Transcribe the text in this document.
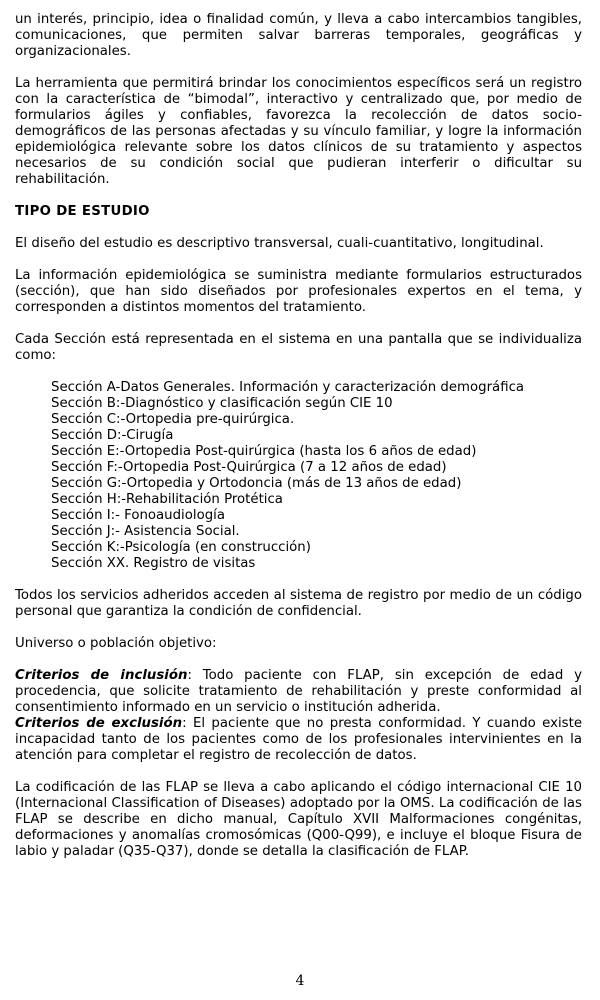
un interés, principio, idea o finalidad común, y lleva a cabo intercambios tangibles, comunicaciones, que permiten salvar barreras temporales, geográficas y organizacionales.

La herramienta que permitirá brindar los conocimientos específicos será un registro con la característica de “bimodal”, interactivo y centralizado que, por medio de formularios ágiles y confiables, favorezca la recolección de datos socio-demográficos de las personas afectadas y su vínculo familiar, y logre la información epidemiológica relevante sobre los datos clínicos de su tratamiento y aspectos necesarios de su condición social que pudieran interferir o dificultar su rehabilitación.

TIPO DE ESTUDIO

El diseño del estudio es descriptivo transversal, cuali-cuantitativo, longitudinal.

La información epidemiológica se suministra mediante formularios estructurados (sección), que han sido diseñados por profesionales expertos en el tema, y corresponden a distintos momentos del tratamiento.

Cada Sección está representada en el sistema en una pantalla que se individualiza como:

Sección A-Datos Generales. Información y caracterización demográfica
Sección B:-Diagnóstico y clasificación según CIE 10
Sección C:-Ortopedia pre-quirúrgica.
Sección D:-Cirugía
Sección E:-Ortopedia Post-quirúrgica (hasta los 6 años de edad)
Sección F:-Ortopedia Post-Quirúrgica (7 a 12 años de edad)
Sección G:-Ortopedia y Ortodoncia (más de 13 años de edad)
Sección H:-Rehabilitación Protética
Sección I:- Fonoaudiología
Sección J:- Asistencia Social.
Sección K:-Psicología (en construcción)
Sección XX. Registro de visitas

Todos los servicios adheridos acceden al sistema de registro por medio de un código personal que garantiza la condición de confidencial.

Universo o población objetivo:

Criterios de inclusión: Todo paciente con FLAP, sin excepción de edad y procedencia, que solicite tratamiento de rehabilitación y preste conformidad al consentimiento informado en un servicio o institución adherida.

Criterios de exclusión: El paciente que no presta conformidad. Y cuando existe incapacidad tanto de los pacientes como de los profesionales intervinientes en la atención para completar el registro de recolección de datos.

La codificación de las FLAP se lleva a cabo aplicando el código internacional CIE 10 (Internacional Classification of Diseases) adoptado por la OMS. La codificación de las FLAP se describe en dicho manual, Capítulo XVII Malformaciones congénitas, deformaciones y anomalías cromosómicas (Q00-Q99), e incluye el bloque Fisura de labio y paladar (Q35-Q37), donde se detalla la clasificación de FLAP.

4
